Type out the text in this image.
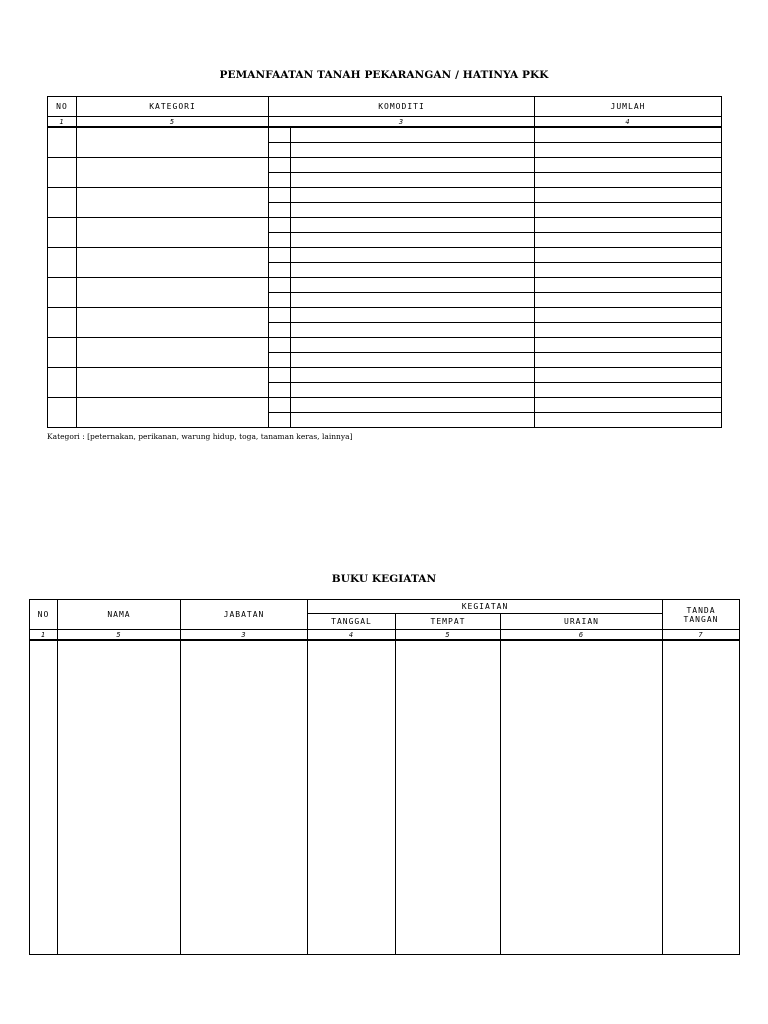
PEMANFAATAN TANAH PEKARANGAN / HATINYA PKK
NO	KATEGORI	KOMODITI		JUMLAH
1	5	3		4

Kategori : [peternakan, perikanan, warung hidup, toga, tanaman keras, lainnya]
BUKU KEGIATAN
NO	NAMA	JABATAN	KEGIATAN			TANDA
TANGAN
			TANGGAL	TEMPAT	URAIAN	
1	5	3	4	5	6	7
